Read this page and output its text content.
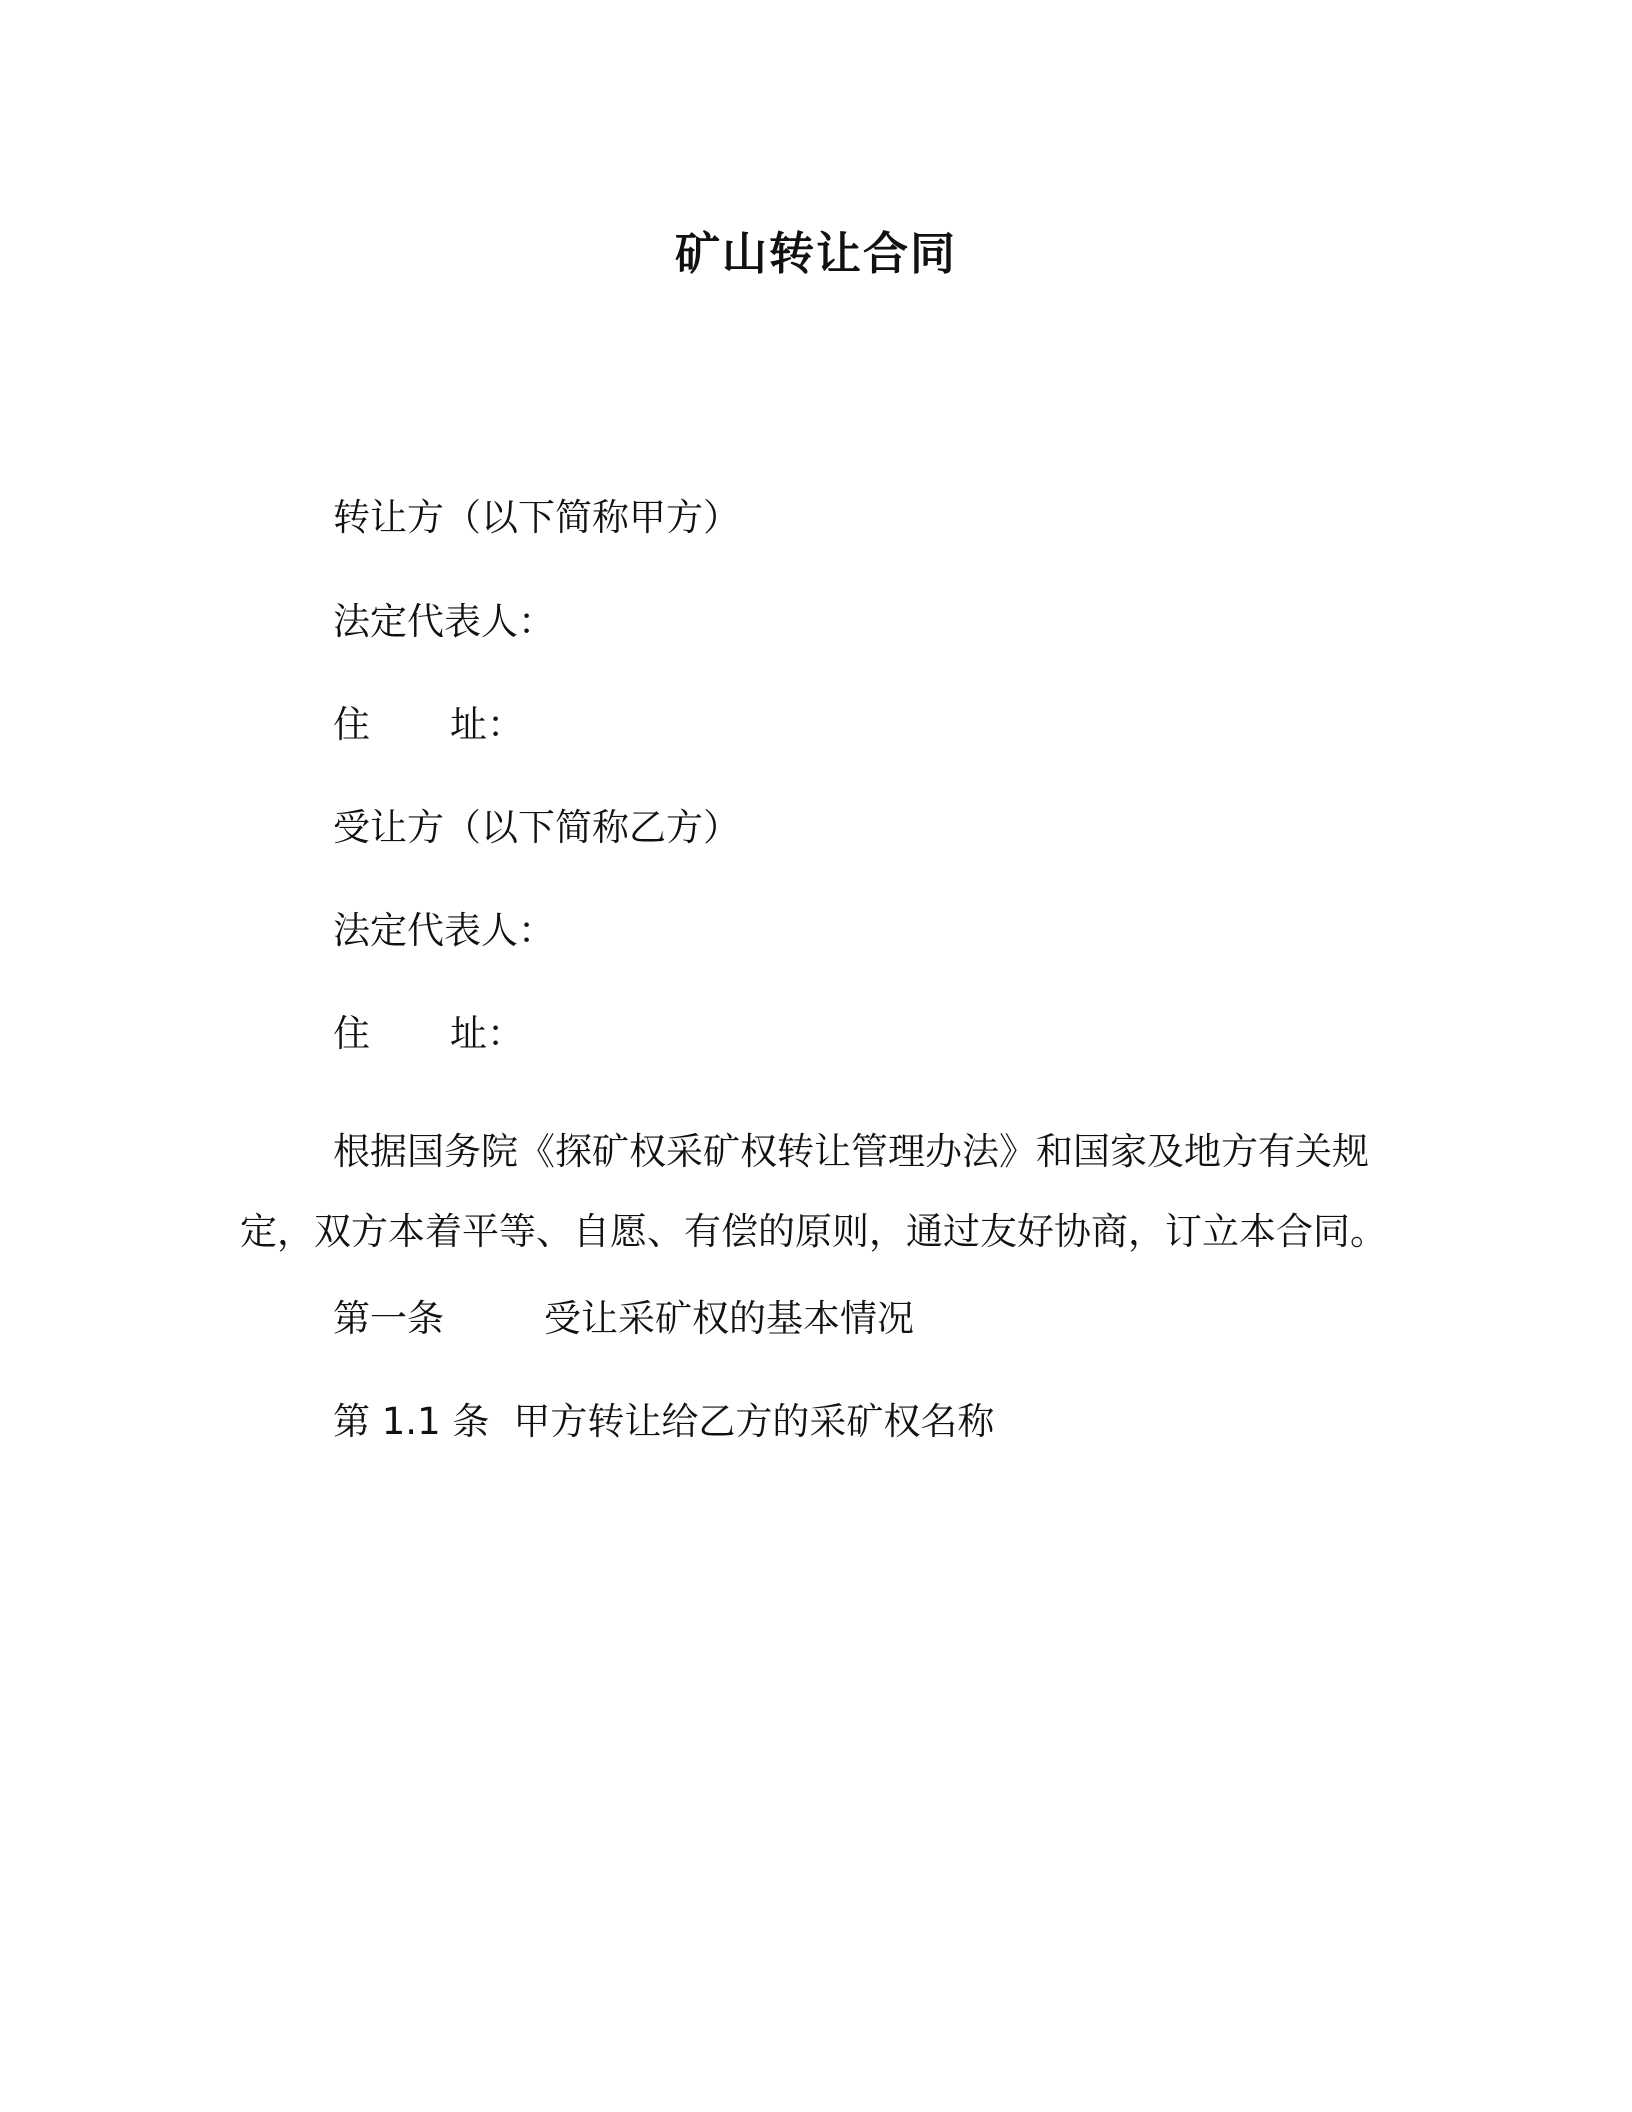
矿山转让合同
转让方（以下简称甲方）
法定代表人：
住 址：
受让方（以下简称乙方）
法定代表人：
住 址：
根据国务院《探矿权采矿权转让管理办法》和国家及地方有关规
定，双方本着平等、自愿、有偿的原则，通过友好协商，订立本合同。
第一条	受让采矿权的基本情况
第 1.1 条 甲方转让给乙方的采矿权名称
